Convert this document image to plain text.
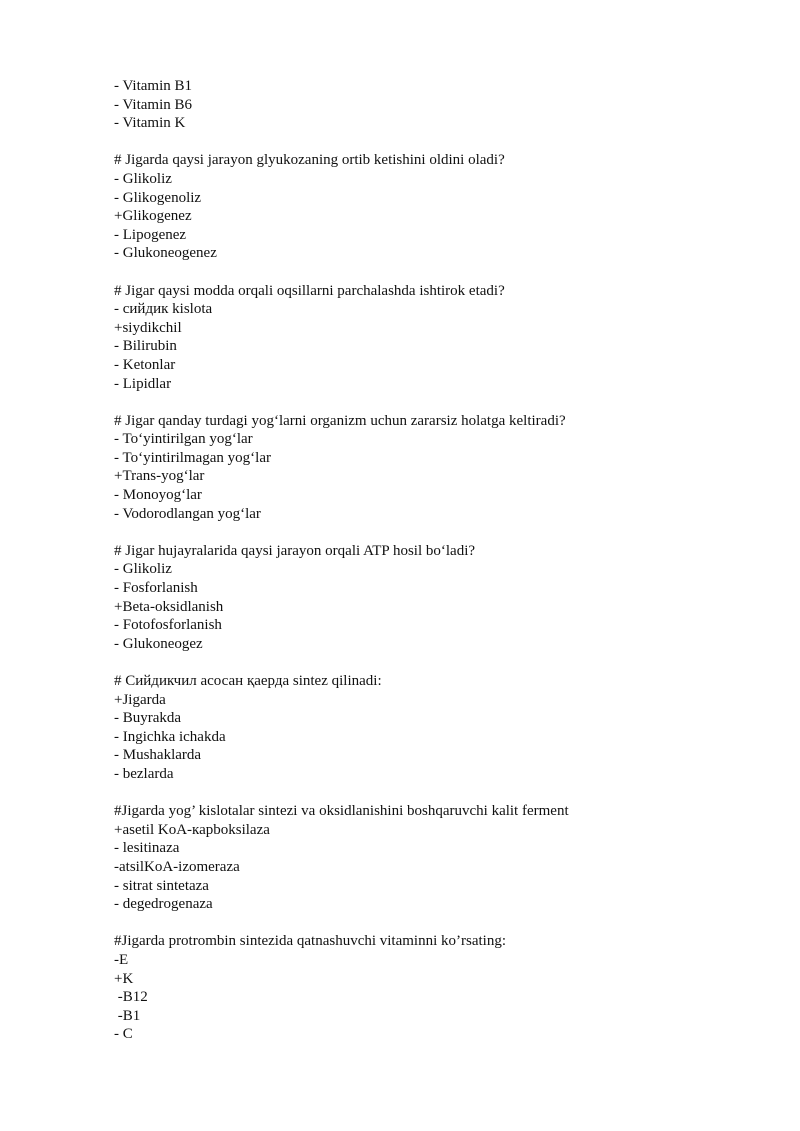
- Vitamin B1
- Vitamin B6
- Vitamin K
# Jigarda qaysi jarayon glyukozaning ortib ketishini oldini oladi?
- Glikoliz
- Glikogenoliz
+Glikogenez
- Lipogenez
- Glukoneogenez
# Jigar qaysi modda orqali oqsillarni parchalashda ishtirok etadi?
- сийдик kislota
+siydikchil
- Bilirubin
- Ketonlar
- Lipidlar
# Jigar qanday turdagi yog‘larni organizm uchun zararsiz holatga keltiradi?
- To‘yintirilgan yog‘lar
- To‘yintirilmagan yog‘lar
+Trans-yog‘lar
- Monoyog‘lar
- Vodorodlangan yog‘lar
# Jigar hujayralarida qaysi jarayon orqali ATP hosil bo‘ladi?
- Glikoliz
- Fosforlanish
+Beta-oksidlanish
- Fotofosforlanish
- Glukoneogez
# Сийдикчил асосан қаерда sintez qilinadi:
+Jigarda
- Buyrakda
- Ingichka ichakda
- Mushaklarda
- bezlarda
#Jigarda yog’ kislotalar sintezi va oksidlanishini boshqaruvchi kalit ferment
+asetil KoA-карboksilaza
- lesitinaza
-atsilKoA-izomeraza
- sitrat sintetaza
- degedrogenaza
#Jigarda protrombin sintezida qatnashuvchi vitaminni ko’rsating:
-E
+K
-B12
-B1
- C
